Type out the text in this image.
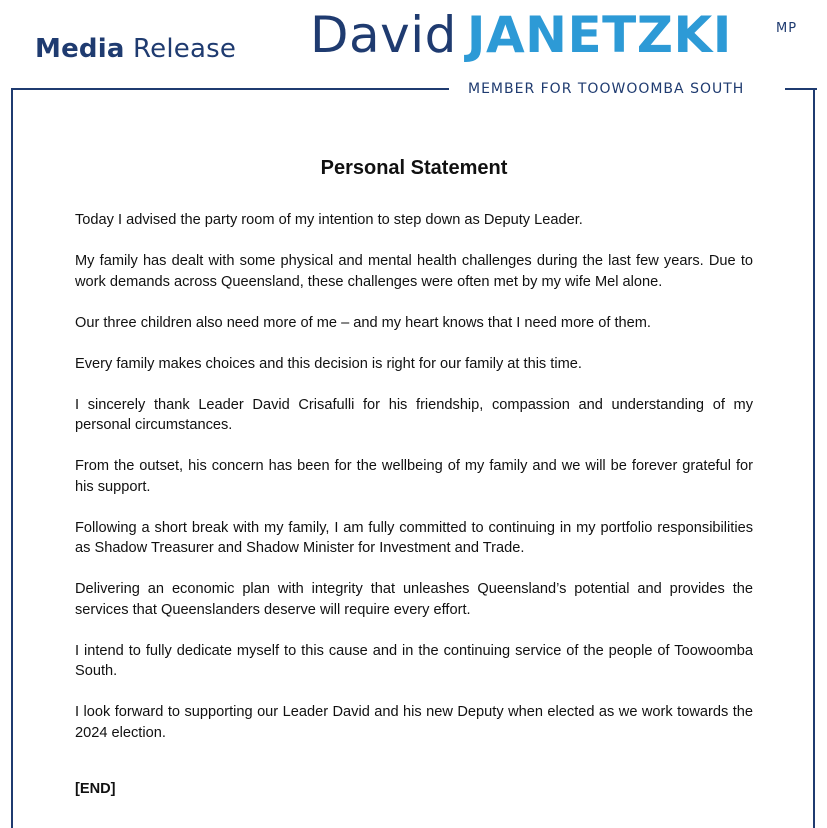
Media Release David JANETZKI	MP
MEMBER FOR TOOWOOMBA SOUTH
Personal Statement

Today I advised the party room of my intention to step down as Deputy Leader.

My family has dealt with some physical and mental health challenges during the last few years. Due to work demands across Queensland, these challenges were often met by my wife Mel alone.

Our three children also need more of me – and my heart knows that I need more of them.

Every family makes choices and this decision is right for our family at this time.

I sincerely thank Leader David Crisafulli for his friendship, compassion and understanding of my personal circumstances.

From the outset, his concern has been for the wellbeing of my family and we will be forever grateful for his support.

Following a short break with my family, I am fully committed to continuing in my portfolio responsibilities as Shadow Treasurer and Shadow Minister for Investment and Trade.

Delivering an economic plan with integrity that unleashes Queensland’s potential and provides the services that Queenslanders deserve will require every effort.

I intend to fully dedicate myself to this cause and in the continuing service of the people of Toowoomba South.

I look forward to supporting our Leader David and his new Deputy when elected as we work towards the 2024 election.

[END]
